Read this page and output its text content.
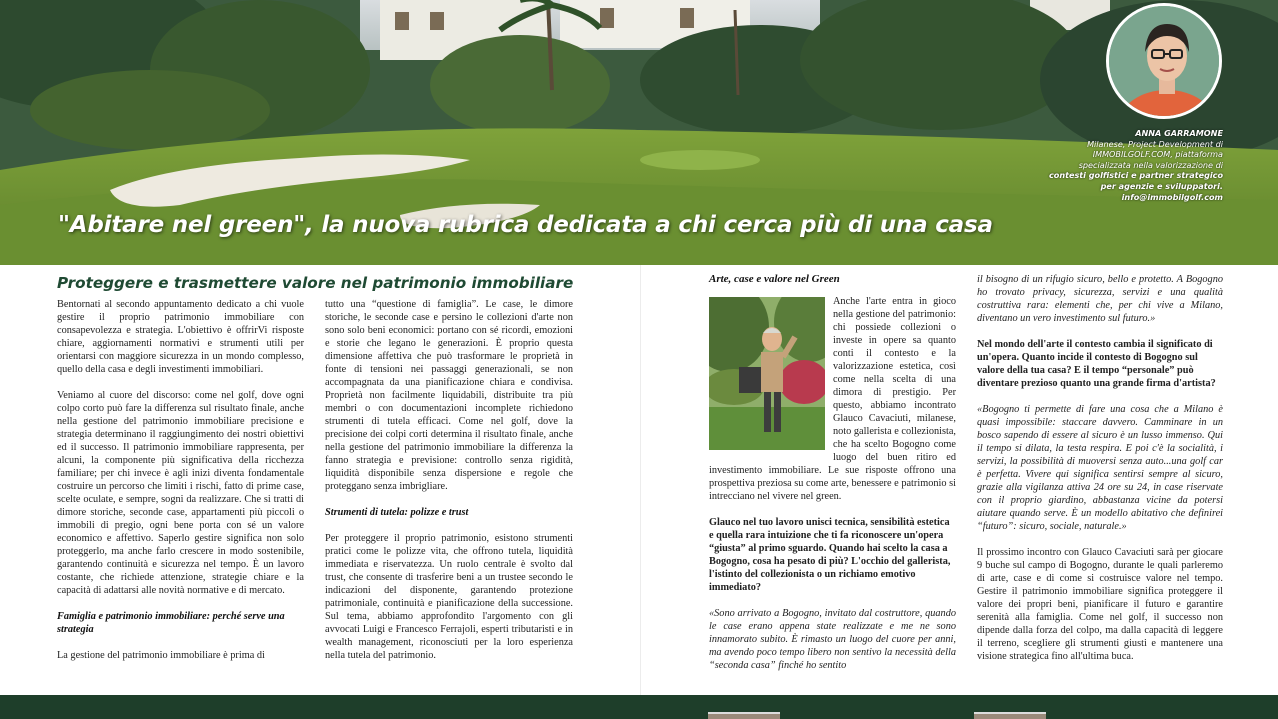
"Abitare nel green", la nuova rubrica dedicata a chi cerca più di una casa
ANNA GARRAMONE
Milanese, Project Development di
IMMOBILGOLF.COM, piattaforma
specializzata nella valorizzazione di
contesti golfistici e partner strategico
per agenzie e sviluppatori.
info@immobilgolf.com
Proteggere e trasmettere valore nel patrimonio immobiliare

Bentornati al secondo appuntamento dedicato a chi vuole gestire il proprio patrimonio immobiliare con consapevolezza e strategia. L'obiettivo è offrirVi risposte chiare, aggiornamenti normativi e strumenti utili per orientarsi con maggiore sicurezza in un mondo complesso, quello della casa e degli investimenti immobiliari.

Veniamo al cuore del discorso: come nel golf, dove ogni colpo corto può fare la differenza sul risultato finale, anche nella gestione del patrimonio immobiliare precisione e strategia determinano il raggiungimento dei nostri obiettivi ed il successo. Il patrimonio immobiliare rappresenta, per alcuni, la componente più significativa della ricchezza familiare; per chi invece è agli inizi diventa fondamentale costruire un percorso che limiti i rischi, fatto di prime case, scelte oculate, e sempre, sogni da realizzare. Che si tratti di dimore storiche, seconde case, appartamenti più piccoli o immobili di pregio, ogni bene porta con sé un valore economico e affettivo. Saperlo gestire significa non solo proteggerlo, ma anche farlo crescere in modo sostenibile, garantendo continuità e sicurezza nel tempo. È un lavoro costante, che richiede attenzione, strategie chiare e la capacità di adattarsi alle novità normative e di mercato.

Famiglia e patrimonio immobiliare: perché serve una strategia

La gestione del patrimonio immobiliare è prima di

tutto una “questione di famiglia”. Le case, le dimore storiche, le seconde case e persino le collezioni d'arte non sono solo beni economici: portano con sé ricordi, emozioni e storie che legano le generazioni. È proprio questa dimensione affettiva che può trasformare le proprietà in fonte di tensioni nei passaggi generazionali, se non accompagnata da una pianificazione chiara e condivisa. Proprietà non facilmente liquidabili, distribuite tra più membri o con documentazioni incomplete richiedono strumenti di tutela efficaci. Come nel golf, dove la precisione dei colpi corti determina il risultato finale, anche nella gestione del patrimonio immobiliare la differenza la fanno strategia e previsione: controllo senza rigidità, liquidità disponibile senza dispersione e regole che proteggano senza imbrigliare.

Strumenti di tutela: polizze e trust

Per proteggere il proprio patrimonio, esistono strumenti pratici come le polizze vita, che offrono tutela, liquidità immediata e riservatezza. Un ruolo centrale è svolto dal trust, che consente di trasferire beni a un trustee secondo le indicazioni del disponente, garantendo protezione patrimoniale, continuità e pianificazione della successione. Sul tema, abbiamo approfondito l'argomento con gli avvocati Luigi e Francesco Ferrajoli, esperti tributaristi e in wealth management, riconosciuti per la loro esperienza nella tutela del patrimonio.

Arte, case e valore nel Green

Anche l'arte entra in gioco nella gestione del patrimonio: chi possiede collezioni o investe in opere sa quanto conti il contesto e la valorizzazione estetica, così come nella scelta di una dimora di prestigio. Per questo, abbiamo incontrato Glauco Cavaciuti, milanese, noto gallerista e collezionista, che ha scelto Bogogno come luogo del buen ritiro ed investimento immobiliare. Le sue risposte offrono una prospettiva preziosa su come arte, benessere e patrimonio si intrecciano nel vivere nel green.

Glauco nel tuo lavoro unisci tecnica, sensibilità estetica e quella rara intuizione che ti fa riconoscere un'opera “giusta” al primo sguardo. Quando hai scelto la casa a Bogogno, cosa ha pesato di più? L'occhio del gallerista, l'istinto del collezionista o un richiamo emotivo immediato?

«Sono arrivato a Bogogno, invitato dal costruttore, quando le case erano appena state realizzate e me ne sono innamorato subito. È rimasto un luogo del cuore per anni, ma avendo poco tempo libero non sentivo la necessità della “seconda casa” finché ho sentito

il bisogno di un rifugio sicuro, bello e protetto. A Bogogno ho trovato privacy, sicurezza, servizi e una qualità costruttiva rara: elementi che, per chi vive a Milano, diventano un vero investimento sul futuro.»

Nel mondo dell'arte il contesto cambia il significato di un'opera. Quanto incide il contesto di Bogogno sul valore della tua casa? E il tempo “personale” può diventare prezioso quanto una grande firma d'artista?

«Bogogno ti permette di fare una cosa che a Milano è quasi impossibile: staccare davvero. Camminare in un bosco sapendo di essere al sicuro è un lusso immenso. Qui il tempo si dilata, la testa respira. E poi c'è la socialità, i servizi, la possibilità di muoversi senza auto...una golf car è perfetta. Vivere qui significa sentirsi sempre al sicuro, grazie alla vigilanza attiva 24 ore su 24, in case riservate con il proprio giardino, abbastanza vicine da potersi aiutare quando serve. È un modello abitativo che definirei “futuro”: sicuro, sociale, naturale.»

Il prossimo incontro con Glauco Cavaciuti sarà per giocare 9 buche sul campo di Bogogno, durante le quali parleremo di arte, case e di come si costruisce valore nel tempo. Gestire il patrimonio immobiliare significa proteggere il valore dei propri beni, pianificare il futuro e garantire serenità alla famiglia. Come nel golf, il successo non dipende dalla forza del colpo, ma dalla capacità di leggere il terreno, scegliere gli strumenti giusti e mantenere una visione strategica fino all'ultima buca.
